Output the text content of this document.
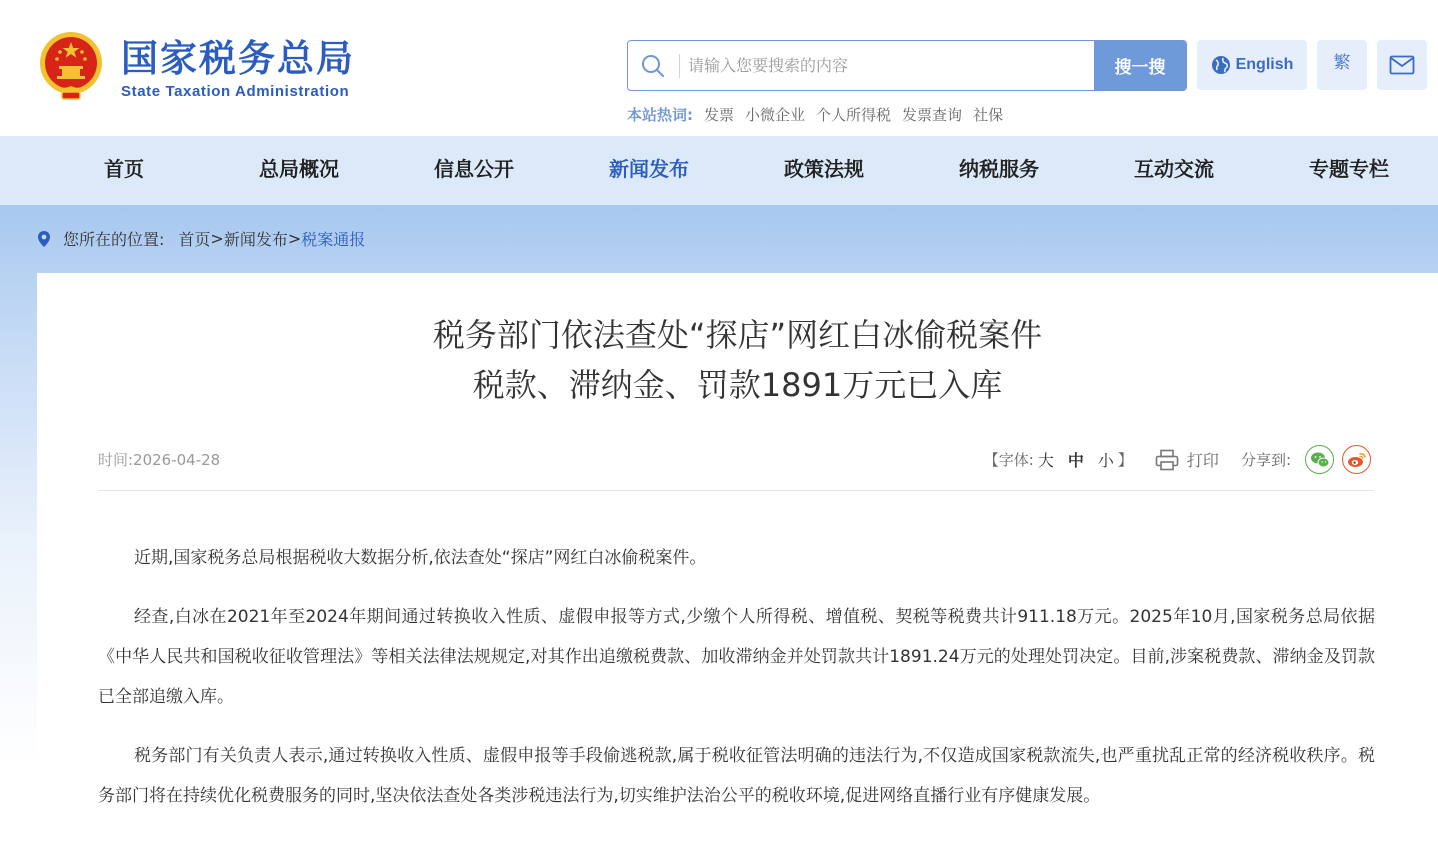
国家税务总局
State Taxation Administration
请输入您要搜索的内容
搜一搜	English	繁
本站热词: 发票 小微企业 个人所得税 发票查询 社保
首页	总局概况	信息公开	新闻发布	政策法规	纳税服务	互动交流	专题专栏
您所在的位置: 首页 > 新闻发布 > 税案通报
税务部门依法查处“探店”网红白冰偷税案件
税款、滞纳金、罚款1891万元已入库
时间:2026-04-28	【字体: 大 中 小 】	打印 分享到:

近期,国家税务总局根据税收大数据分析,依法查处“探店”网红白冰偷税案件。

经查,白冰在2021年至2024年期间通过转换收入性质、虚假申报等方式,少缴个人所得税、增值税、契税等税费共计911.18万元。2025年10月,国家税务总局依据《中华人民共和国税收征收管理法》等相关法律法规规定,对其作出追缴税费款、加收滞纳金并处罚款共计1891.24万元的处理处罚决定。目前,涉案税费款、滞纳金及罚款已全部追缴入库。

税务部门有关负责人表示,通过转换收入性质、虚假申报等手段偷逃税款,属于税收征管法明确的违法行为,不仅造成国家税款流失,也严重扰乱正常的经济税收秩序。税务部门将在持续优化税费服务的同时,坚决依法查处各类涉税违法行为,切实维护法治公平的税收环境,促进网络直播行业有序健康发展。
